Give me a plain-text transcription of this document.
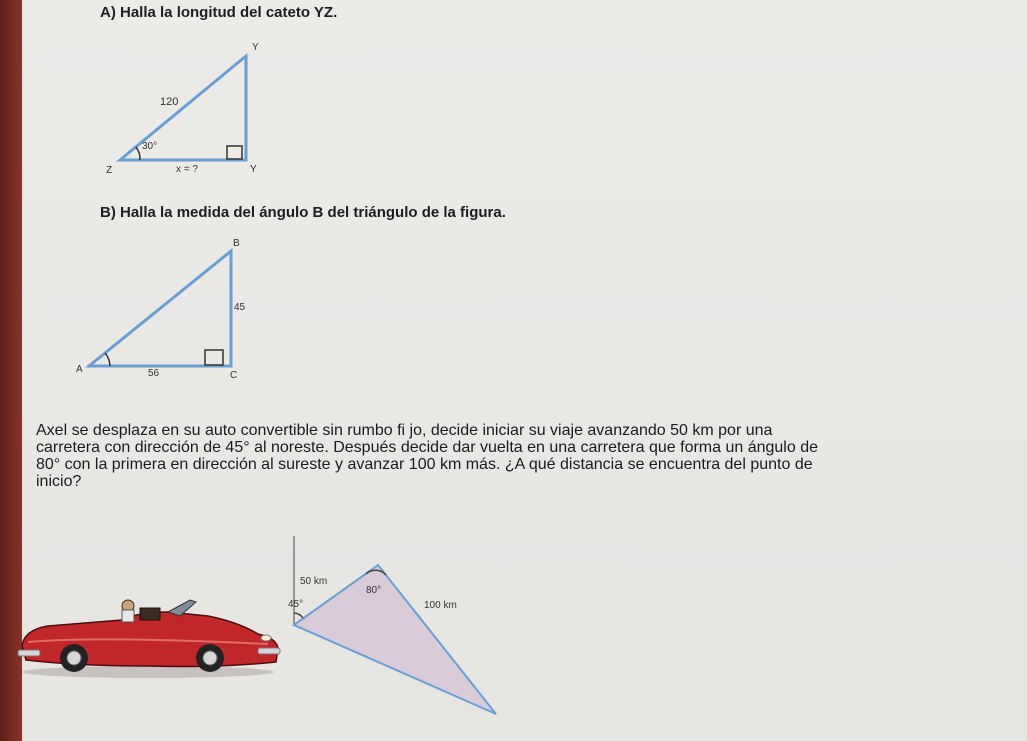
A) Halla la longitud del cateto YZ.
Y
Z	Y
120
30°
x = ?
B) Halla la medida del ángulo B del triángulo de la figura.
B
A
C
45
56
Axel se desplaza en su auto convertible sin rumbo fi jo, decide iniciar su viaje avanzando 50 km por una
carretera con dirección de 45° al noreste. Después decide dar vuelta en una carretera que forma un ángulo de
80° con la primera en dirección al sureste y avanzar 100 km más. ¿A qué distancia se encuentra del punto de
inicio?
50 km
80°
45°	100 km
